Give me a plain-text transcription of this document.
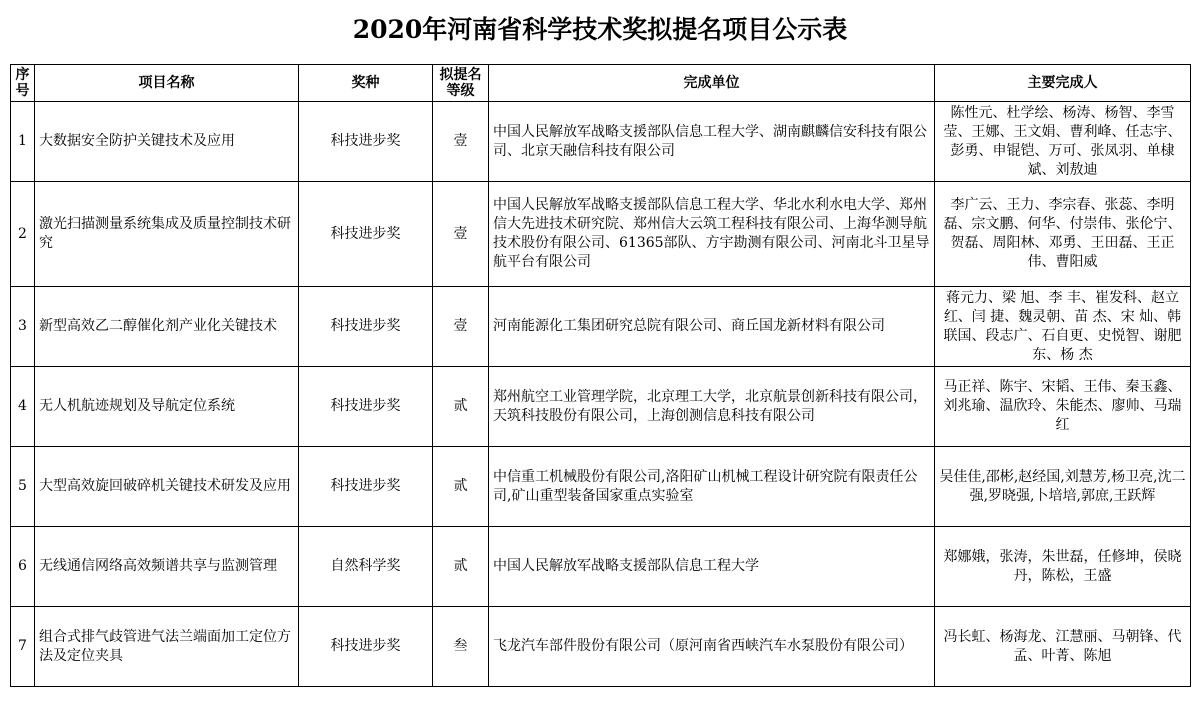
2020年河南省科学技术奖拟提名项目公示表
序
号	项目名称	奖种	拟提名
等级	完成单位	主要完成人
1	大数据安全防护关键技术及应用	科技进步奖	壹	中国人民解放军战略支援部队信息工程大学、湖南麒麟信安科技有限公司、北京天融信科技有限公司	陈性元、杜学绘、杨涛、杨智、李雪莹、王娜、王文娟、曹利峰、任志宇、彭勇、申锟铠、万可、张凤羽、单棣斌、刘敖迪
2	激光扫描测量系统集成及质量控制技术研究	科技进步奖	壹	中国人民解放军战略支援部队信息工程大学、华北水利水电大学、郑州信大先进技术研究院、郑州信大云筑工程科技有限公司、上海华测导航技术股份有限公司、61365部队、方宇勘测有限公司、河南北斗卫星导航平台有限公司	李广云、王力、李宗春、张蕊、李明磊、宗文鹏、何华、付崇伟、张伦宁、贺磊、周阳林、邓勇、王田磊、王正伟、曹阳威
3	新型高效乙二醇催化剂产业化关键技术	科技进步奖	壹	河南能源化工集团研究总院有限公司、商丘国龙新材料有限公司	蒋元力、梁 旭、李 丰、崔发科、赵立红、闫 捷、魏灵朝、苗 杰、宋 灿、韩联国、段志广、石自更、史悦智、谢肥东、杨 杰
4	无人机航迹规划及导航定位系统	科技进步奖	贰	郑州航空工业管理学院，北京理工大学，北京航景创新科技有限公司，天筑科技股份有限公司，上海创测信息科技有限公司	马正祥、陈宇、宋韬、王伟、秦玉鑫、刘兆瑜、温欣玲、朱能杰、廖帅、马瑞红
5	大型高效旋回破碎机关键技术研发及应用	科技进步奖	贰	中信重工机械股份有限公司,洛阳矿山机械工程设计研究院有限责任公司,矿山重型装备国家重点实验室	吴佳佳,邵彬,赵经国,刘慧芳,杨卫亮,沈二强,罗晓强,卜培培,郭庶,王跃辉
6	无线通信网络高效频谱共享与监测管理	自然科学奖	贰	中国人民解放军战略支援部队信息工程大学	郑娜娥，张涛，朱世磊，任修坤，侯晓丹，陈松，王盛
7	组合式排气歧管进气法兰端面加工定位方法及定位夹具	科技进步奖	叁	飞龙汽车部件股份有限公司（原河南省西峡汽车水泵股份有限公司）	冯长虹、杨海龙、江慧丽、马朝锋、代孟、叶菁、陈旭
